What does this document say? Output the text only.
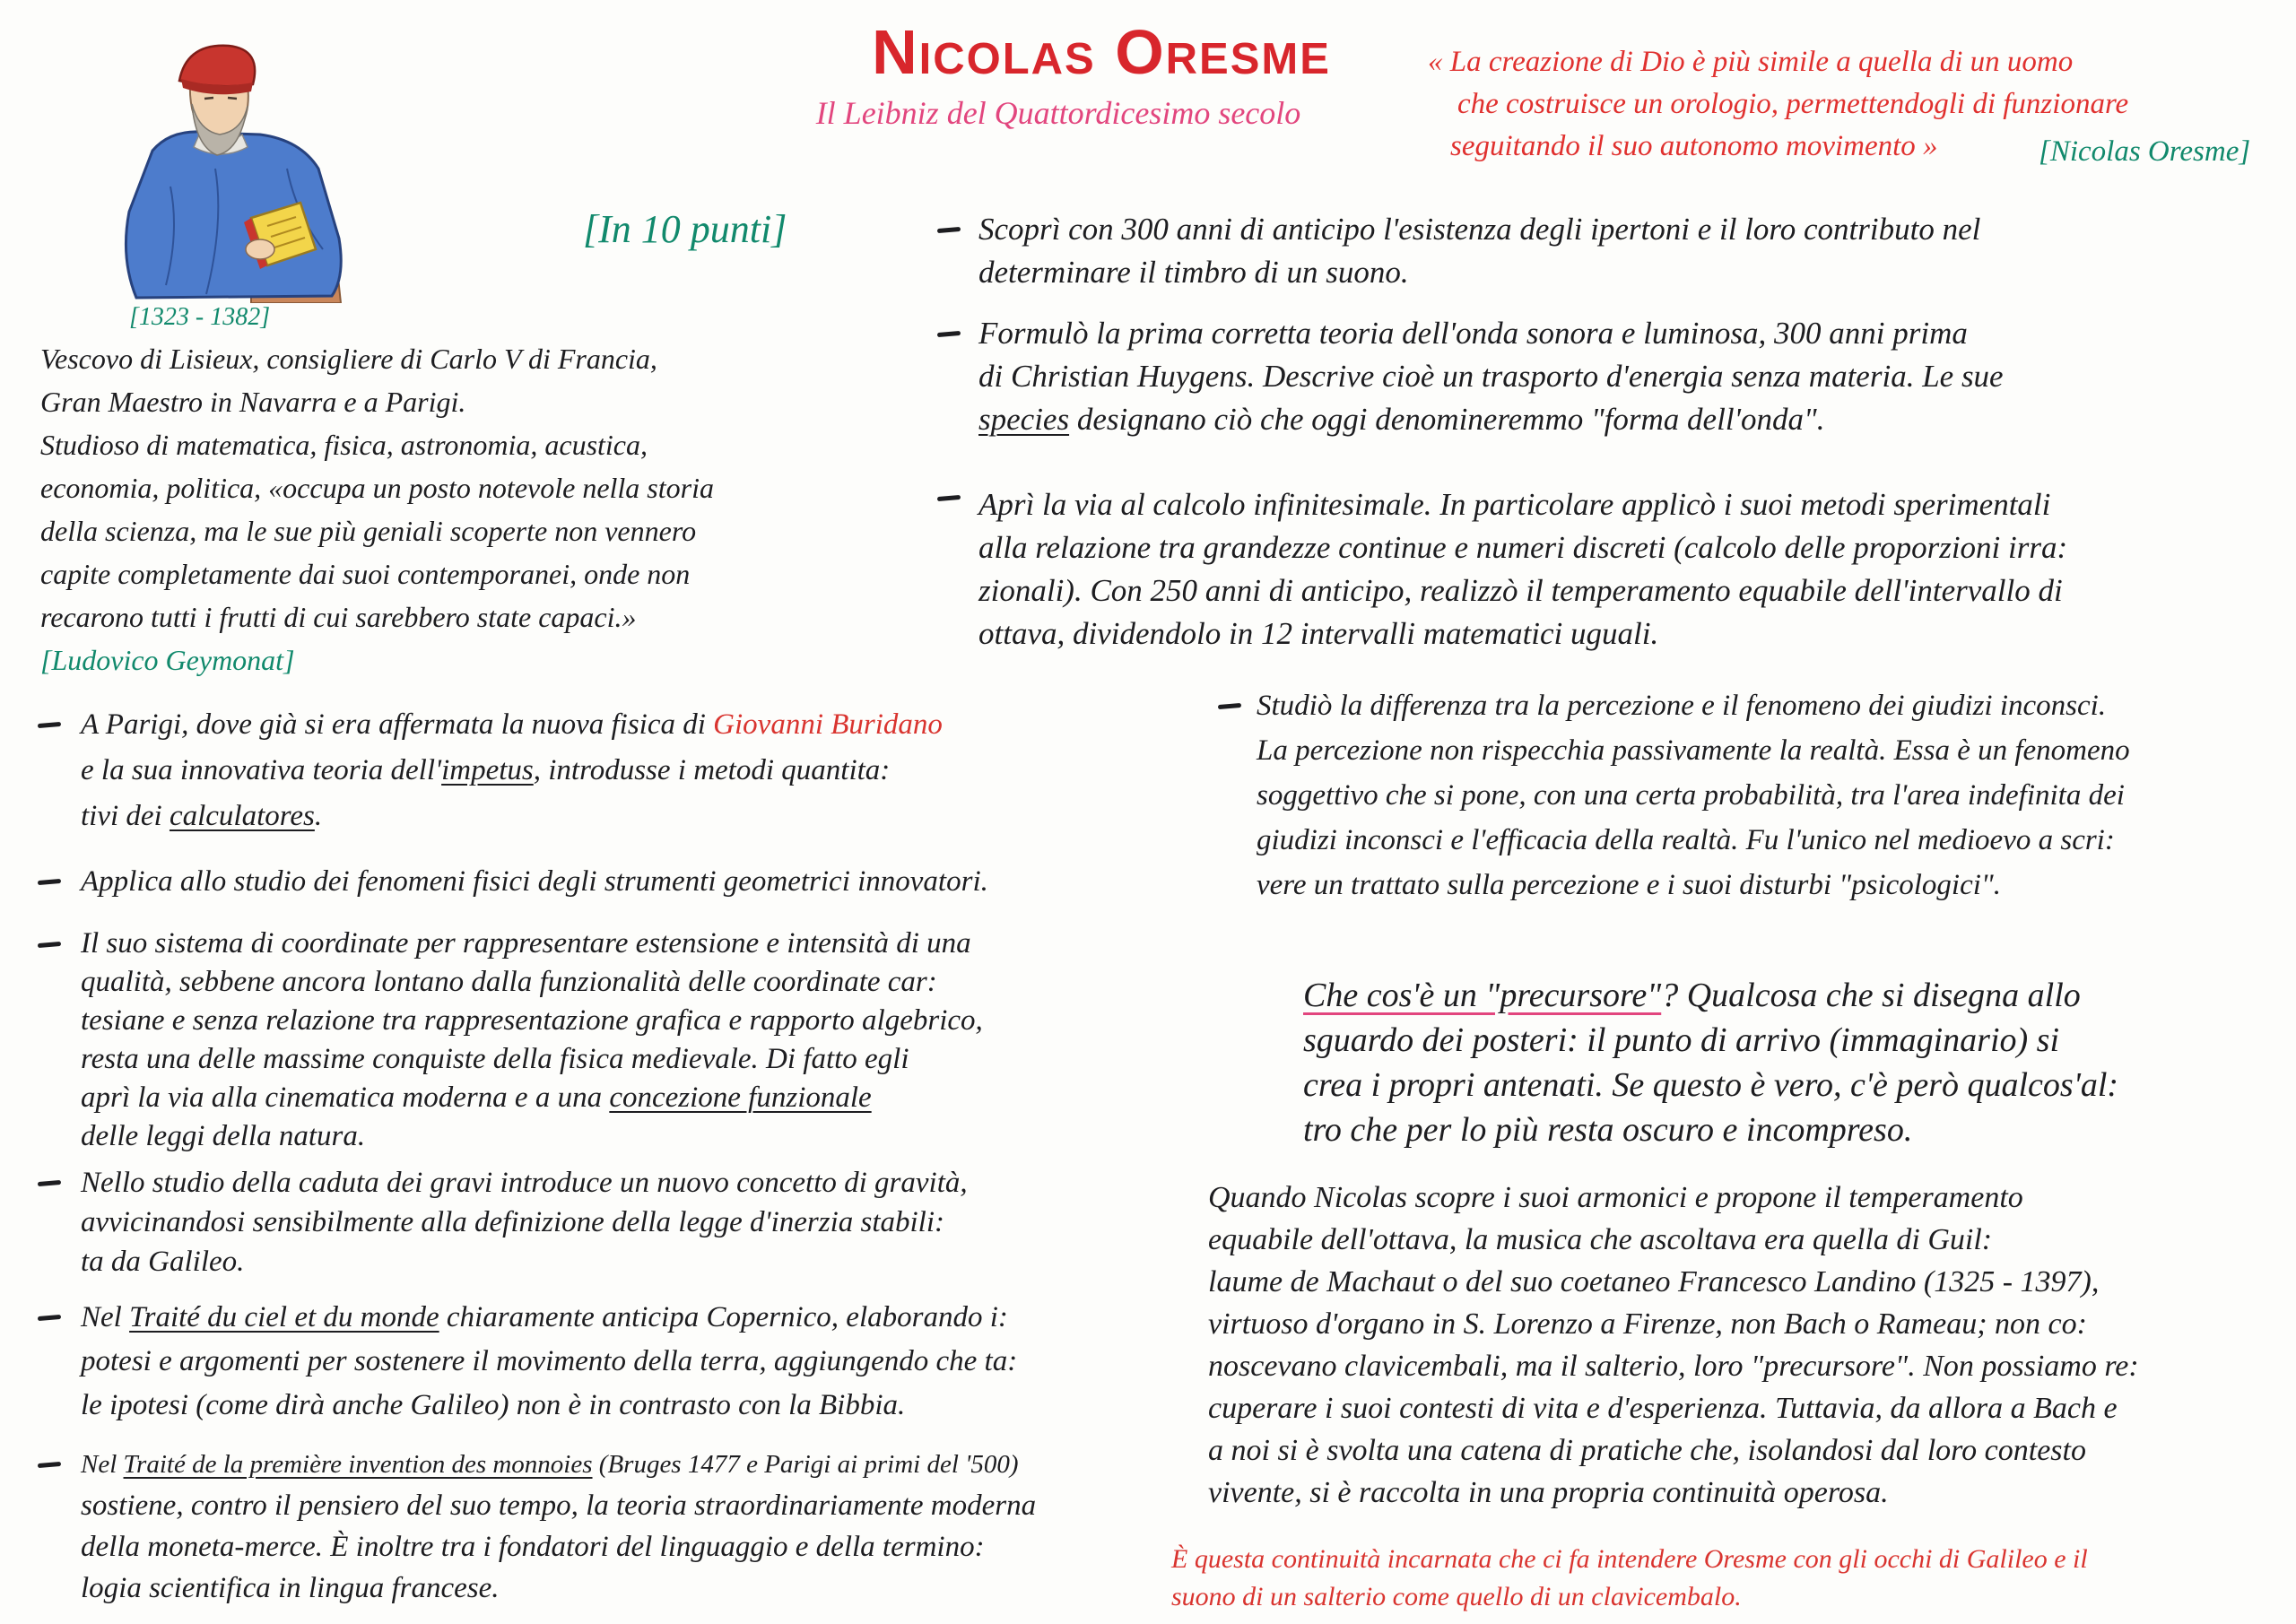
[1323 - 1382]
Nicolas Oresme
Il Leibniz del Quattordicesimo secolo
« La creazione di Dio è più simile a quella di un uomo
che costruisce un orologio, permettendogli di funzionare
seguitando il suo autonomo movimento »	[Nicolas Oresme]
[In 10 punti]
Vescovo di Lisieux, consigliere di Carlo V di Francia,
Gran Maestro in Navarra e a Parigi.
Studioso di matematica, fisica, astronomia, acustica,
economia, politica, «occupa un posto notevole nella storia
della scienza, ma le sue più geniali scoperte non vennero
capite completamente dai suoi contemporanei, onde non
recarono tutti i frutti di cui sarebbero state capaci.»
[Ludovico Geymonat]
Scoprì con 300 anni di anticipo l'esistenza degli ipertoni e il loro contributo nel
determinare il timbro di un suono.
Formulò la prima corretta teoria dell'onda sonora e luminosa, 300 anni prima
di Christian Huygens. Descrive cioè un trasporto d'energia senza materia. Le sue
species designano ciò che oggi denomineremmo "forma dell'onda".
Aprì la via al calcolo infinitesimale. In particolare applicò i suoi metodi sperimentali
alla relazione tra grandezze continue e numeri discreti (calcolo delle proporzioni irra:
zionali). Con 250 anni di anticipo, realizzò il temperamento equabile dell'intervallo di
ottava, dividendolo in 12 intervalli matematici uguali.
Studiò la differenza tra la percezione e il fenomeno dei giudizi inconsci.
La percezione non rispecchia passivamente la realtà. Essa è un fenomeno
soggettivo che si pone, con una certa probabilità, tra l'area indefinita dei
giudizi inconsci e l'efficacia della realtà. Fu l'unico nel medioevo a scri:
vere un trattato sulla percezione e i suoi disturbi "psicologici".
A Parigi, dove già si era affermata la nuova fisica di Giovanni Buridano
e la sua innovativa teoria dell'impetus, introdusse i metodi quantita:
tivi dei calculatores.
Applica allo studio dei fenomeni fisici degli strumenti geometrici innovatori.
Il suo sistema di coordinate per rappresentare estensione e intensità di una
qualità, sebbene ancora lontano dalla funzionalità delle coordinate car:
tesiane e senza relazione tra rappresentazione grafica e rapporto algebrico,
resta una delle massime conquiste della fisica medievale. Di fatto egli
aprì la via alla cinematica moderna e a una concezione funzionale
delle leggi della natura.
Nello studio della caduta dei gravi introduce un nuovo concetto di gravità,
avvicinandosi sensibilmente alla definizione della legge d'inerzia stabili:
ta da Galileo.
Nel Traité du ciel et du monde chiaramente anticipa Copernico, elaborando i:
potesi e argomenti per sostenere il movimento della terra, aggiungendo che ta:
le ipotesi (come dirà anche Galileo) non è in contrasto con la Bibbia.
Nel Traité de la première invention des monnoies (Bruges 1477 e Parigi ai primi del '500)
sostiene, contro il pensiero del suo tempo, la teoria straordinariamente moderna
della moneta-merce. È inoltre tra i fondatori del linguaggio e della termino:
logia scientifica in lingua francese.
Che cos'è un "precursore"? Qualcosa che si disegna allo
sguardo dei posteri: il punto di arrivo (immaginario) si
crea i propri antenati. Se questo è vero, c'è però qualcos'al:
tro che per lo più resta oscuro e incompreso.
Quando Nicolas scopre i suoi armonici e propone il temperamento
equabile dell'ottava, la musica che ascoltava era quella di Guil:
laume de Machaut o del suo coetaneo Francesco Landino (1325 - 1397),
virtuoso d'organo in S. Lorenzo a Firenze, non Bach o Rameau; non co:
noscevano clavicembali, ma il salterio, loro "precursore". Non possiamo re:
cuperare i suoi contesti di vita e d'esperienza. Tuttavia, da allora a Bach e
a noi si è svolta una catena di pratiche che, isolandosi dal loro contesto
vivente, si è raccolta in una propria continuità operosa.
È questa continuità incarnata che ci fa intendere Oresme con gli occhi di Galileo e il
suono di un salterio come quello di un clavicembalo.
